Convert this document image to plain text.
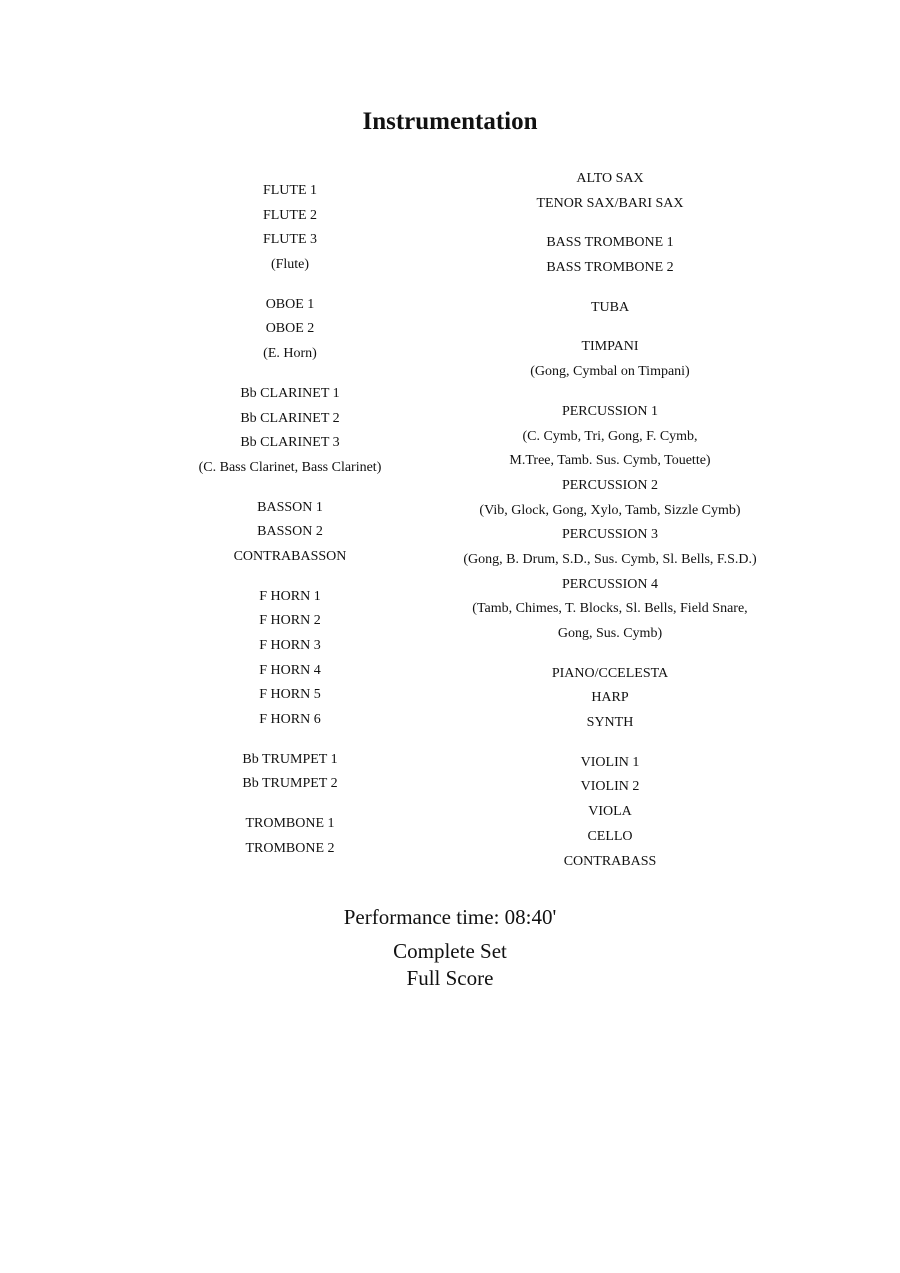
Instrumentation
FLUTE 1
FLUTE 2
FLUTE 3
(Flute)
OBOE 1
OBOE 2
(E. Horn)
Bb CLARINET 1
Bb CLARINET 2
Bb CLARINET 3
(C. Bass Clarinet, Bass Clarinet)
BASSON 1
BASSON 2
CONTRABASSON
F HORN 1
F HORN 2
F HORN 3
F HORN 4
F HORN 5
F HORN 6
Bb TRUMPET 1
Bb TRUMPET 2
TROMBONE 1
TROMBONE 2
ALTO SAX
TENOR SAX/BARI SAX
BASS TROMBONE 1
BASS TROMBONE 2
TUBA
TIMPANI
(Gong, Cymbal on Timpani)
PERCUSSION 1
(C. Cymb, Tri, Gong, F. Cymb,
M.Tree, Tamb. Sus. Cymb, Touette)
PERCUSSION 2
(Vib, Glock, Gong, Xylo, Tamb, Sizzle Cymb)
PERCUSSION 3
(Gong, B. Drum, S.D., Sus. Cymb, Sl. Bells, F.S.D.)
PERCUSSION 4
(Tamb, Chimes, T. Blocks, Sl. Bells, Field Snare,
Gong, Sus. Cymb)
PIANO/CCELESTA
HARP
SYNTH
VIOLIN 1
VIOLIN 2
VIOLA
CELLO
CONTRABASS
Performance time: 08:40'
Complete Set
Full Score
